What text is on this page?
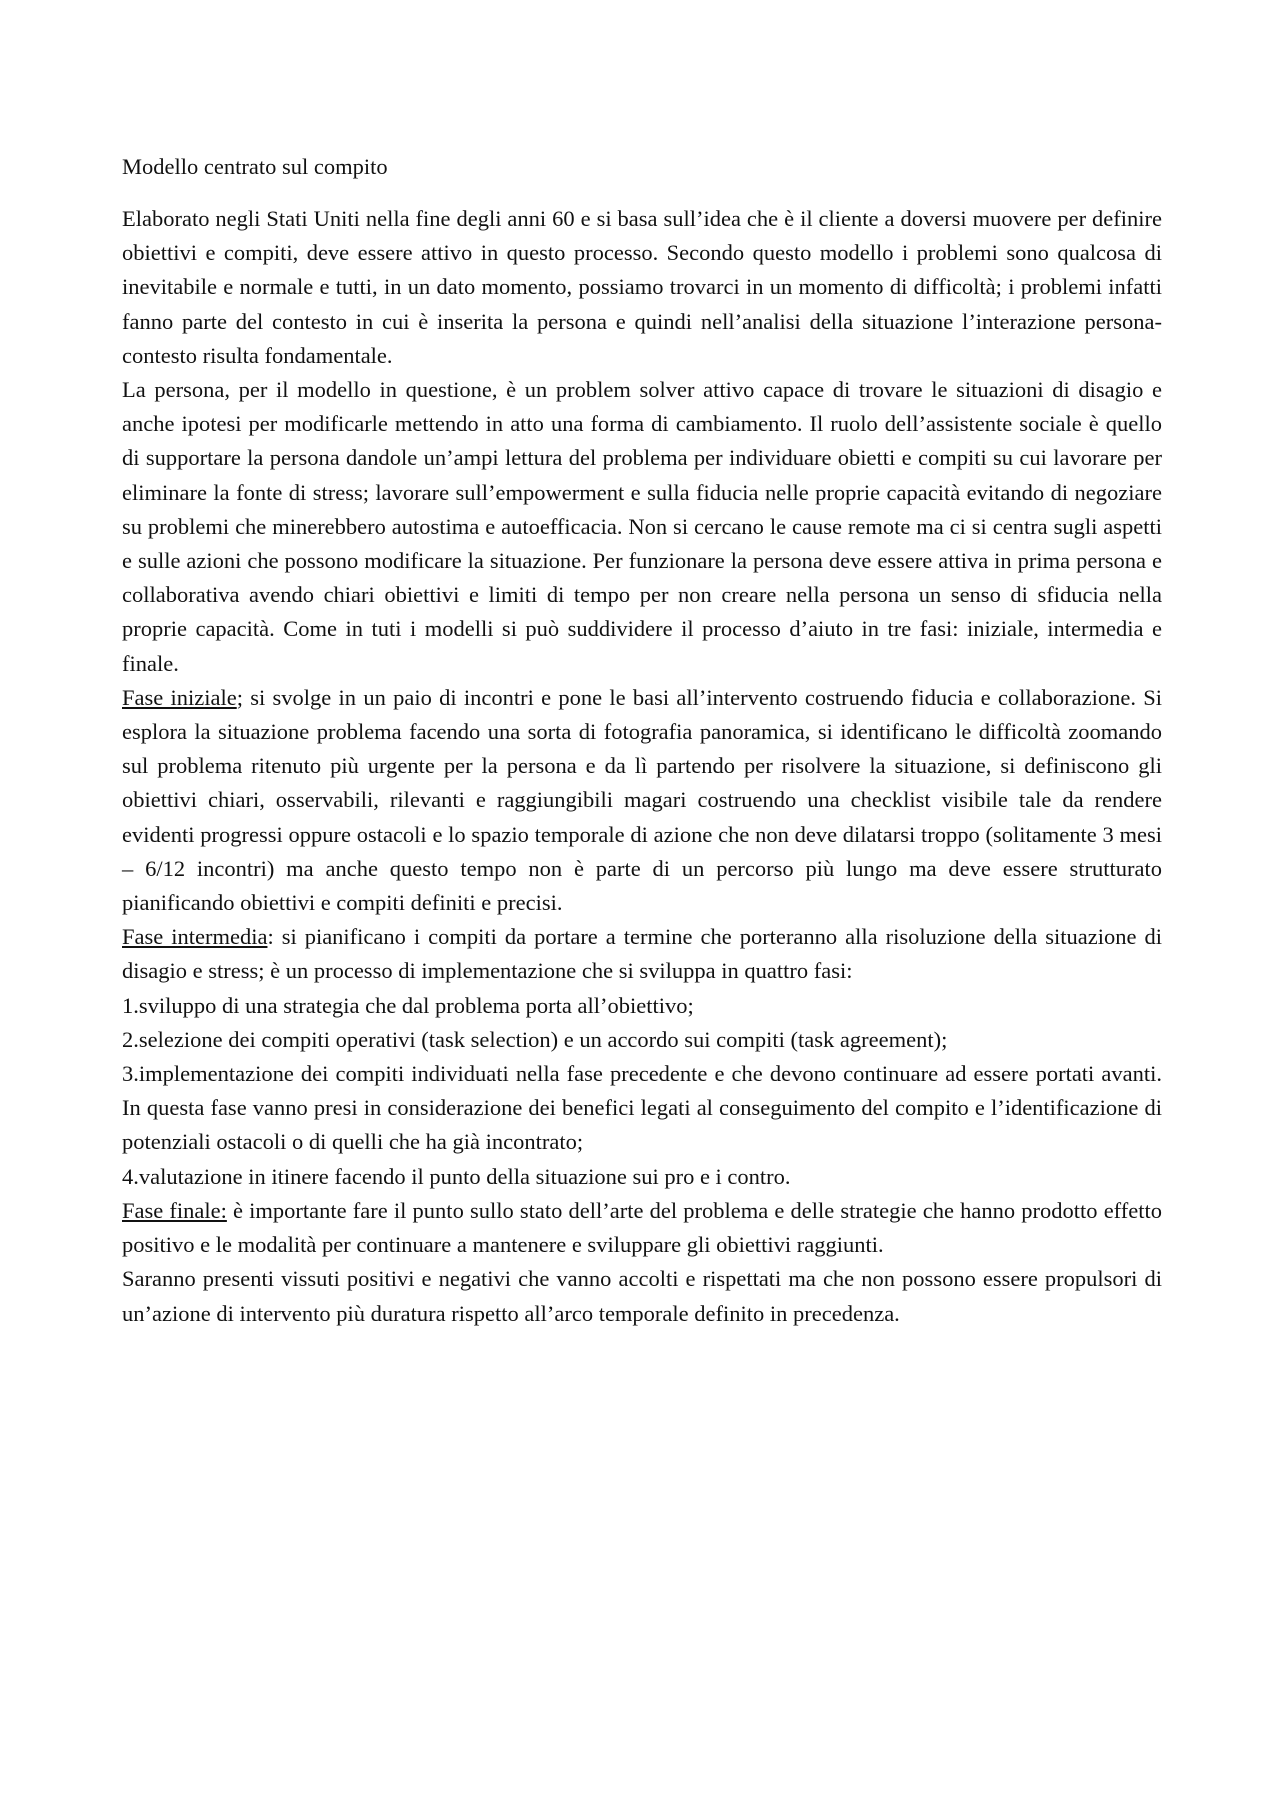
Modello centrato sul compito

Elaborato negli Stati Uniti nella fine degli anni 60 e si basa sull’idea che è il cliente a doversi muovere per definire obiettivi e compiti, deve essere attivo in questo processo. Secondo questo modello i problemi sono qualcosa di inevitabile e normale e tutti, in un dato momento, possiamo trovarci in un momento di difficoltà; i problemi infatti fanno parte del contesto in cui è inserita la persona e quindi nell’analisi della situazione l’interazione persona-contesto risulta fondamentale.

La persona, per il modello in questione, è un problem solver attivo capace di trovare le situazioni di disagio e anche ipotesi per modificarle mettendo in atto una forma di cambiamento. Il ruolo dell’assistente sociale è quello di supportare la persona dandole un’ampi lettura del problema per individuare obietti e compiti su cui lavorare per eliminare la fonte di stress; lavorare sull’empowerment e sulla fiducia nelle proprie capacità evitando di negoziare su problemi che minerebbero autostima e autoefficacia. Non si cercano le cause remote ma ci si centra sugli aspetti e sulle azioni che possono modificare la situazione. Per funzionare la persona deve essere attiva in prima persona e collaborativa avendo chiari obiettivi e limiti di tempo per non creare nella persona un senso di sfiducia nella proprie capacità. Come in tuti i modelli si può suddividere il processo d’aiuto in tre fasi: iniziale, intermedia e finale.

Fase iniziale; si svolge in un paio di incontri e pone le basi all’intervento costruendo fiducia e collaborazione. Si esplora la situazione problema facendo una sorta di fotografia panoramica, si identificano le difficoltà zoomando sul problema ritenuto più urgente per la persona e da lì partendo per risolvere la situazione, si definiscono gli obiettivi chiari, osservabili, rilevanti e raggiungibili magari costruendo una checklist visibile tale da rendere evidenti progressi oppure ostacoli e lo spazio temporale di azione che non deve dilatarsi troppo (solitamente 3 mesi – 6/12 incontri) ma anche questo tempo non è parte di un percorso più lungo ma deve essere strutturato pianificando obiettivi e compiti definiti e precisi.

Fase intermedia: si pianificano i compiti da portare a termine che porteranno alla risoluzione della situazione di disagio e stress; è un processo di implementazione che si sviluppa in quattro fasi:

1.sviluppo di una strategia che dal problema porta all’obiettivo;

2.selezione dei compiti operativi (task selection) e un accordo sui compiti (task agreement);

3.implementazione dei compiti individuati nella fase precedente e che devono continuare ad essere portati avanti. In questa fase vanno presi in considerazione dei benefici legati al conseguimento del compito e l’identificazione di potenziali ostacoli o di quelli che ha già incontrato;

4.valutazione in itinere facendo il punto della situazione sui pro e i contro.

Fase finale: è importante fare il punto sullo stato dell’arte del problema e delle strategie che hanno prodotto effetto positivo e le modalità per continuare a mantenere e sviluppare gli obiettivi raggiunti.

Saranno presenti vissuti positivi e negativi che vanno accolti e rispettati ma che non possono essere propulsori di un’azione di intervento più duratura rispetto all’arco temporale definito in precedenza.
